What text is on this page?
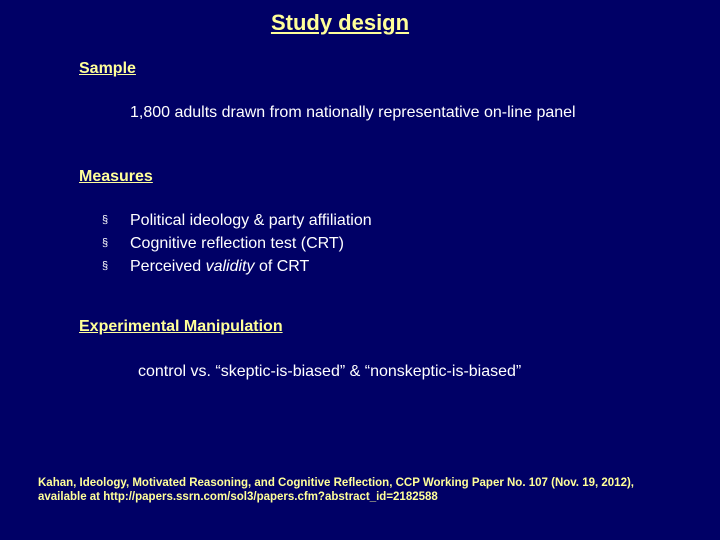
Study design
Sample
1,800 adults drawn from nationally representative on-line panel
Measures
§ Political ideology & party affiliation
§ Cognitive reflection test (CRT)
§ Perceived validity of CRT
Experimental Manipulation
control vs. “skeptic-is-biased” & “nonskeptic-is-biased”
Kahan, Ideology, Motivated Reasoning, and Cognitive Reflection, CCP Working Paper No. 107 (Nov. 19, 2012),
available at http://papers.ssrn.com/sol3/papers.cfm?abstract_id=2182588
